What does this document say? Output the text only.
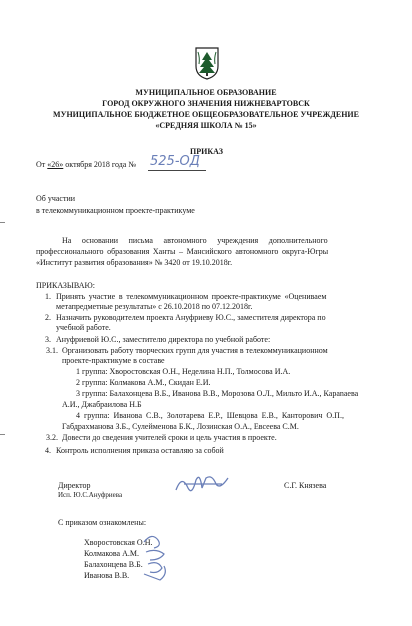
МУНИЦИПАЛЬНОЕ ОБРАЗОВАНИЕ
ГОРОД ОКРУЖНОГО ЗНАЧЕНИЯ НИЖНЕВАРТОВСК
МУНИЦИПАЛЬНОЕ БЮДЖЕТНОЕ ОБЩЕОБРАЗОВАТЕЛЬНОЕ УЧРЕЖДЕНИЕ
«СРЕДНЯЯ ШКОЛА № 15»
ПРИКАЗ
От «26» октября 2018 года № 525-ОД
Об участии
в телекоммуникационном проекте-практикуме
На основании письма автономного учреждения дополнительного
профессионального образования Ханты – Мансийского автономного округа-Югры
«Институт развития образования» № 3420 от 19.10.2018г.
ПРИКАЗЫВАЮ:
1. Принять участие в телекоммуникационном проекте-практикуме «Оцениваем
метапредметные результаты» с 26.10.2018 по 07.12.2018г.
2. Назначить руководителем проекта Ануфриеву Ю.С., заместителя директора по
учебной работе.
3. Ануфриевой Ю.С., заместителю директора по учебной работе:
3.1. Организовать работу творческих групп для участия в телекоммуникационном
проекте-практикуме в составе
1 группа: Хворостовская О.Н., Неделина Н.П., Толмосова И.А.
2 группа: Колмакова А.М., Скидан Е.И.
3 группа: Балахонцева В.Б., Иванова В.В., Морозова О.Л., Мильто И.А., Караnaева
А.И., Джабраилова Н.Б
4 группа: Иванова С.В., Золотарева Е.Р., Шевцова Е.В., Канторович О.П.,
Габдрахманова З.Б., Сулейменова Б.К., Лозинская О.А., Евсеева С.М.
3.2. Довести до сведения учителей сроки и цель участия в проекте.
4. Контроль исполнения приказа оставляю за собой
Директор
Исп. Ю.С.Ануфриева
С.Г. Князева
С приказом ознакомлены:
Хворостовская О.Н.
Колмакова А.М.
Балахонцева В.Б.
Иванова В.В.
